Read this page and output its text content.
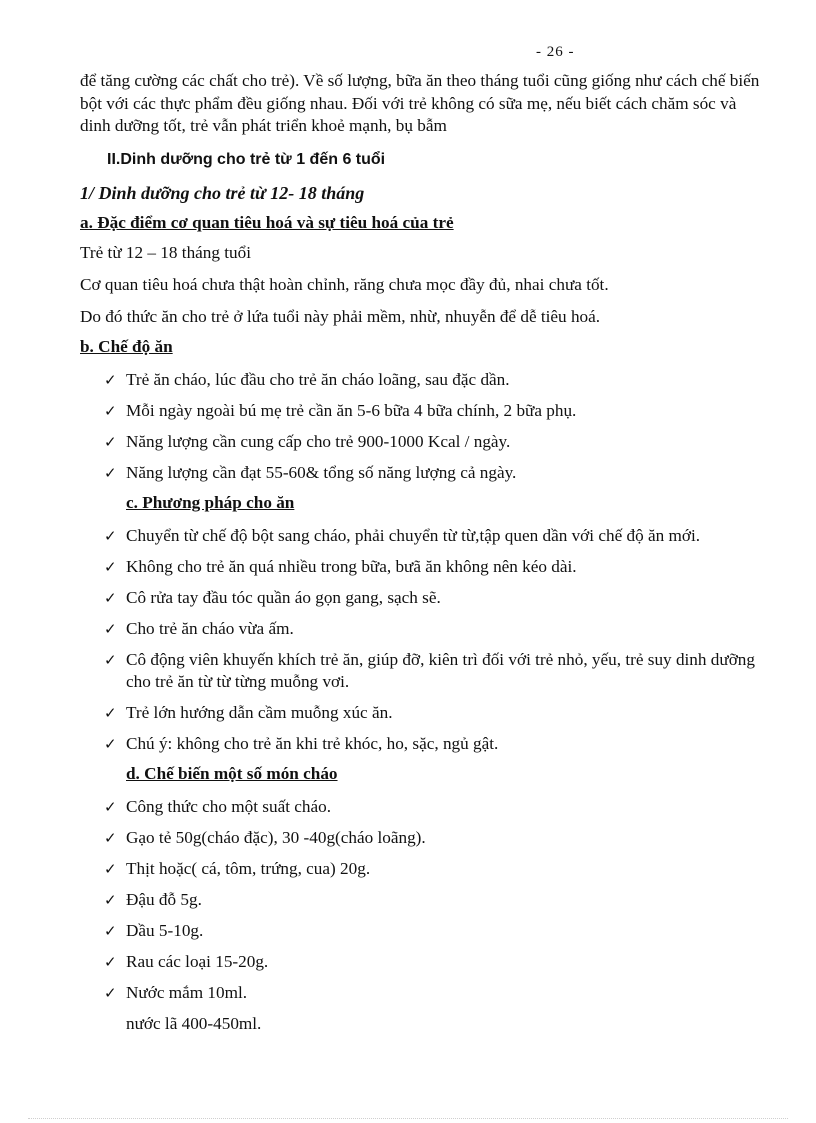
- 26 -

để tăng cường các chất cho trẻ). Về số lượng, bữa ăn theo tháng tuổi cũng giống như cách chế biến bột với các thực phẩm đều giống nhau. Đối với trẻ không có sữa mẹ, nếu biết cách chăm sóc và dinh dưỡng tốt, trẻ vẫn phát triển khoẻ mạnh, bụ bẫm

II.Dinh dưỡng cho trẻ từ 1 đến 6 tuổi
1/ Dinh dưỡng cho trẻ từ 12- 18 tháng
a. Đặc điểm cơ quan tiêu hoá và sự tiêu hoá của trẻ
Trẻ từ 12 – 18 tháng tuổi
Cơ quan tiêu hoá chưa thật hoàn chỉnh, răng chưa mọc đầy đủ, nhai chưa tốt.
Do đó thức ăn cho trẻ ở lứa tuổi này phải mềm, nhừ, nhuyễn để dễ tiêu hoá.
b. Chế độ ăn
✓ Trẻ ăn cháo, lúc đầu cho trẻ ăn cháo loãng, sau đặc dần.
✓ Mỗi ngày ngoài bú mẹ trẻ cần ăn 5-6 bữa 4 bữa chính, 2 bữa phụ.
✓ Năng lượng cần cung cấp cho trẻ 900-1000 Kcal / ngày.
✓ Năng lượng cần đạt 55-60& tổng số năng lượng cả ngày.
c. Phương pháp cho ăn
✓ Chuyển từ chế độ bột sang cháo, phải chuyển từ từ,tập quen dần với chế độ ăn mới.
✓ Không cho trẻ ăn quá nhiều trong bữa, bưã ăn không nên kéo dài.
✓ Cô rửa tay đầu tóc quần áo gọn gang, sạch sẽ.
✓ Cho trẻ ăn cháo vừa ấm.
✓ Cô động viên khuyến khích trẻ ăn, giúp đỡ, kiên trì đối với trẻ nhỏ, yếu, trẻ suy dinh dưỡng cho trẻ ăn từ từ từng muỗng vơi.
✓ Trẻ lớn hướng dẫn cầm muỗng xúc ăn.
✓ Chú ý: không cho trẻ ăn khi trẻ khóc, ho, sặc, ngủ gật.
d. Chế biến một số món cháo
✓ Công thức cho một suất cháo.
✓ Gạo tẻ 50g(cháo đặc), 30 -40g(cháo loãng).
✓ Thịt hoặc( cá, tôm, trứng, cua) 20g.
✓ Đậu đỗ 5g.
✓ Dầu 5-10g.
✓ Rau các loại 15-20g.
✓ Nước mắm 10ml.
nước lã 400-450ml.
